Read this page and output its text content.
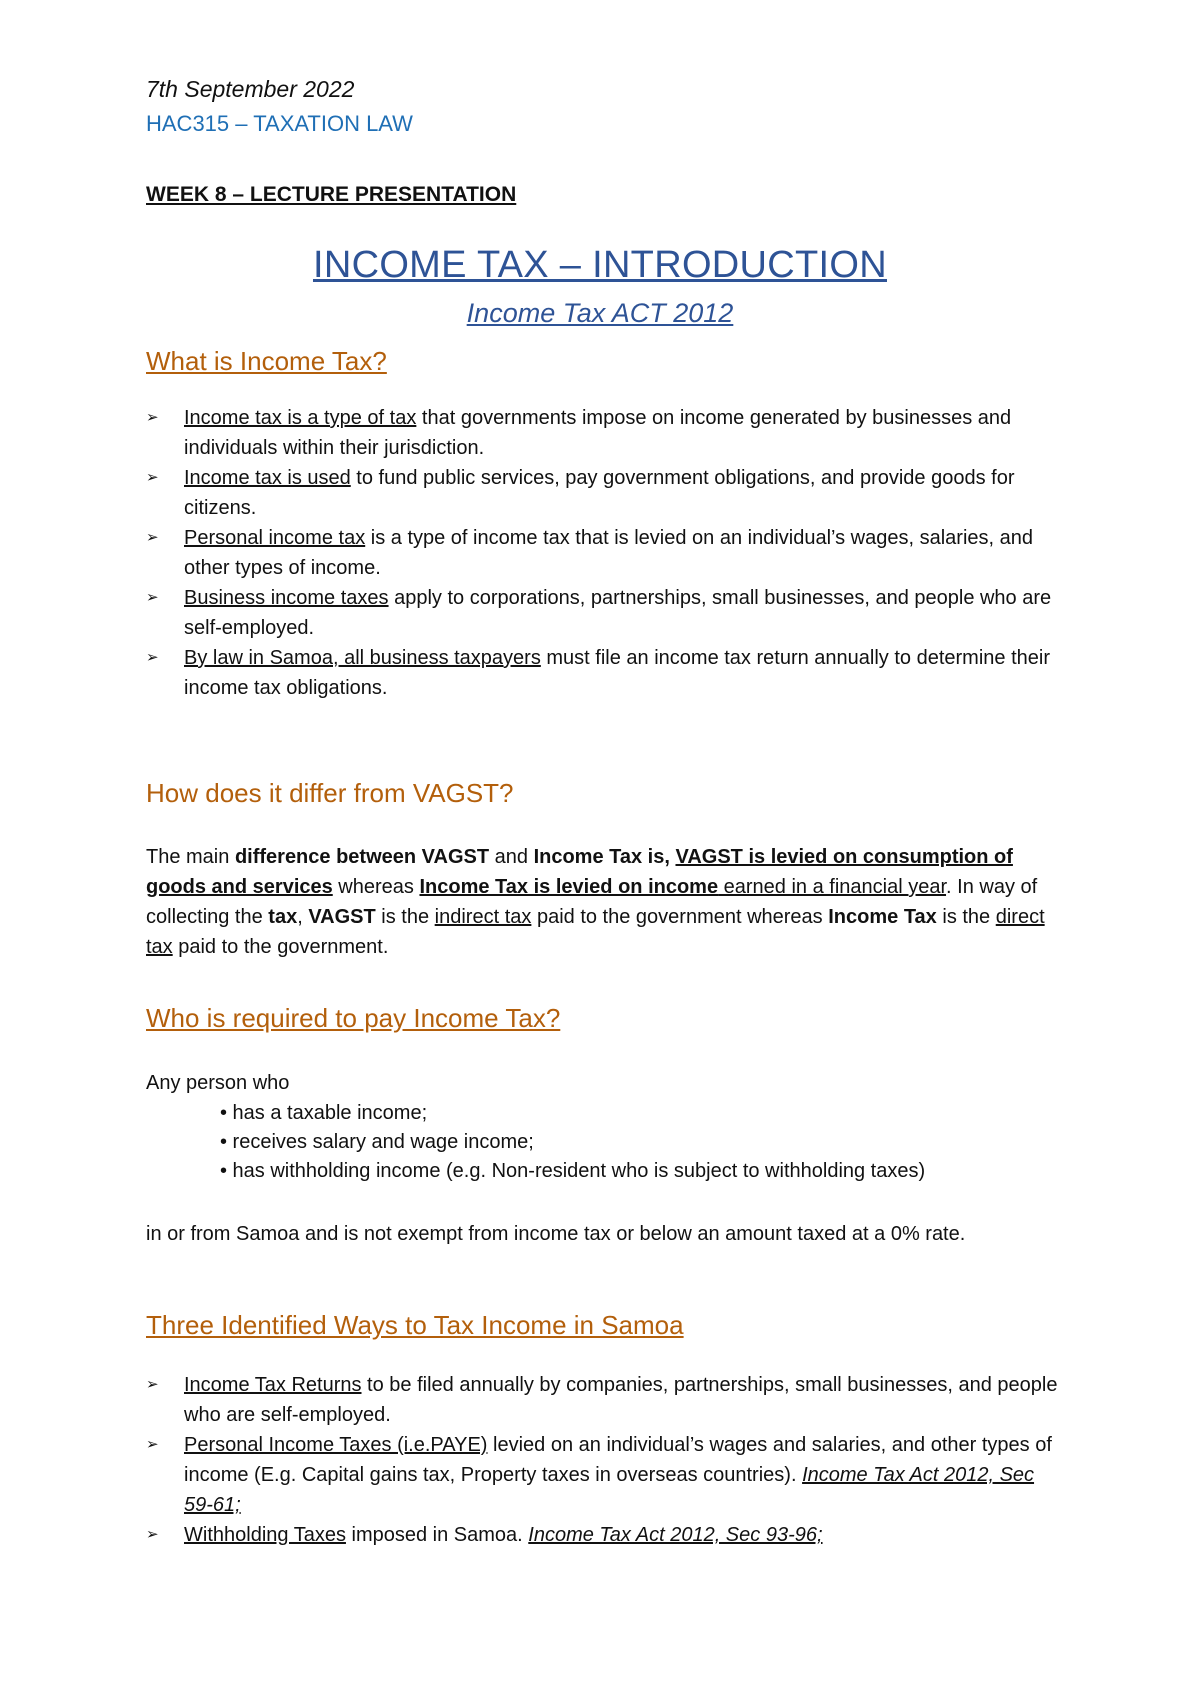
7th September 2022
HAC315 – TAXATION LAW
WEEK 8 – LECTURE PRESENTATION
INCOME TAX – INTRODUCTION
Income Tax ACT 2012
What is Income Tax?
➢ Income tax is a type of tax that governments impose on income generated by businesses and individuals within their jurisdiction.
➢ Income tax is used to fund public services, pay government obligations, and provide goods for citizens.
➢ Personal income tax is a type of income tax that is levied on an individual’s wages, salaries, and other types of income.
➢ Business income taxes apply to corporations, partnerships, small businesses, and people who are self-employed.
➢ By law in Samoa, all business taxpayers must file an income tax return annually to determine their income tax obligations.
How does it differ from VAGST?

The main difference between VAGST and Income Tax is, VAGST is levied on consumption of goods and services whereas Income Tax is levied on income earned in a financial year. In way of collecting the tax, VAGST is the indirect tax paid to the government whereas Income Tax is the direct tax paid to the government.

Who is required to pay Income Tax?

Any person who

• has a taxable income;
• receives salary and wage income;
• has withholding income (e.g. Non-resident who is subject to withholding taxes)

in or from Samoa and is not exempt from income tax or below an amount taxed at a 0% rate.

Three Identified Ways to Tax Income in Samoa
➢ Income Tax Returns to be filed annually by companies, partnerships, small businesses, and people who are self-employed.
➢ Personal Income Taxes (i.e.PAYE) levied on an individual’s wages and salaries, and other types of income (E.g. Capital gains tax, Property taxes in overseas countries). Income Tax Act 2012, Sec 59-61;
➢ Withholding Taxes imposed in Samoa. Income Tax Act 2012, Sec 93-96;
